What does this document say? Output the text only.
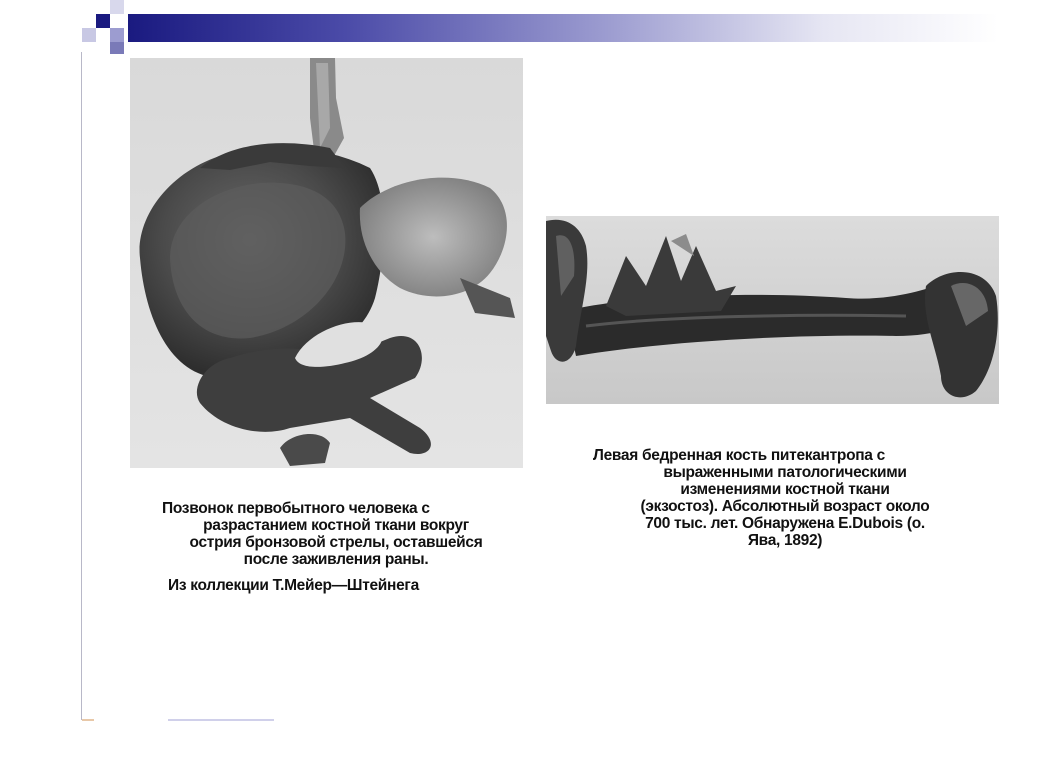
Позвонок первобытного человека с
разрастанием костной ткани вокруг
острия бронзовой стрелы, оставшейся
после заживления раны.
Из коллекции Т.Мейер—Штейнега
Левая бедренная кость питекантропа с
выраженными патологическими
изменениями костной ткани
(экзостоз). Абсолютный возраст около
700 тыс. лет. Обнаружена E.Dubois (о.
Ява, 1892)
